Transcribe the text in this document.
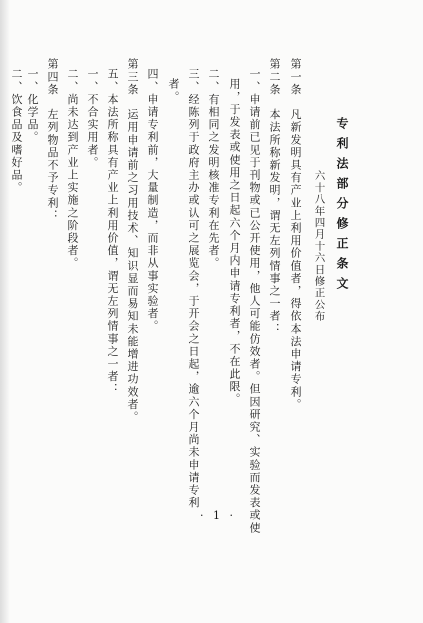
专利法部分修正条文
六十八年四月十六日修正公布
第一条　凡新发明具有产业上利用价值者，得依本法申请专利。
第二条　本法所称新发明，谓无左列情事之一者：
一、申请前已见于刊物或已公开使用，他人可能仿效者。但因研究、实验而发表或使
用，于发表或使用之日起六个月内申请专利者，不在此限。
二、有相同之发明核准专利在先者。
三、经陈列于政府主办或认可之展览会，于开会之日起，逾六个月尚未申请专利
者。
四、申请专利前，大量制造，而非从事实验者。
第三条　运用申请前之习用技术、知识显而易知未能增进功效者。
五、本法所称具有产业上利用价值，谓无左列情事之一者：
一、不合实用者。
二、尚未达到产业上实施之阶段者。
第四条　左列物品不予专利：
一、化学品。
二、饮食品及嗜好品。
· 1 ·
